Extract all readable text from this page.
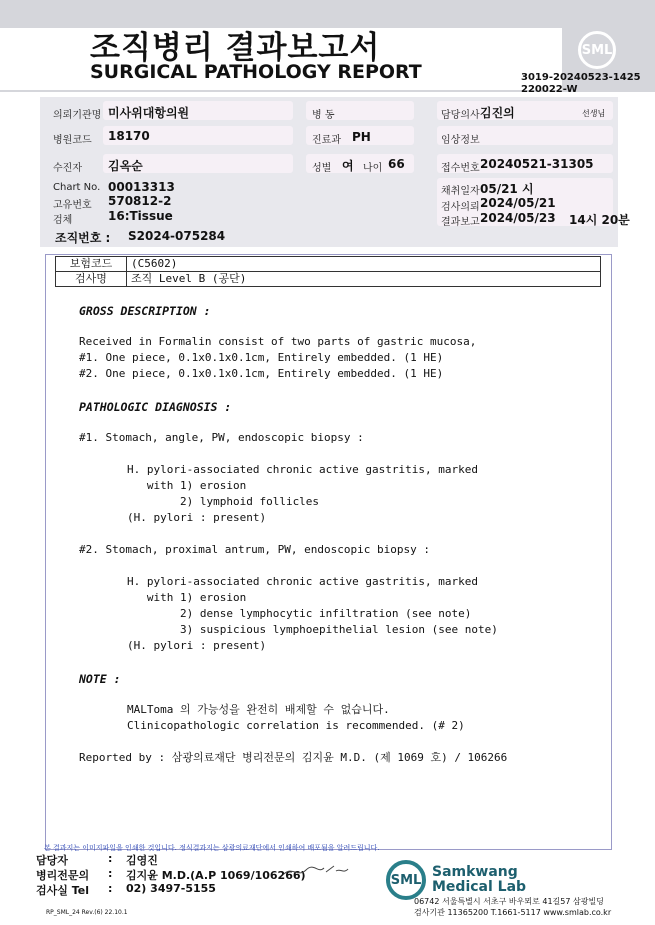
조직병리 결과보고서
SURGICAL PATHOLOGY REPORT
SML
3019-20240523-1425
220022-W
의뢰기관명 미사위대항의원
병원코드 18170
수진자 김옥순
Chart No. 00013313
고유번호 570812-2
검체	16:Tissue
조직번호 : S2024-075284
병 동
진료과 PH
성별 여 나이 66
담당의사 김진의	선생님
임상정보
접수번호 20240521-31305
채취일자 05/21 시
검사의뢰 2024/05/21
결과보고 2024/05/23 14시 20분
보험코드	(C5602)
검사명	조직 Level B (공단)
GROSS DESCRIPTION :
Received in Formalin consist of two parts of gastric mucosa,
#1. One piece, 0.1x0.1x0.1cm, Entirely embedded. (1 HE)
#2. One piece, 0.1x0.1x0.1cm, Entirely embedded. (1 HE)
PATHOLOGIC DIAGNOSIS :
#1. Stomach, angle, PW, endoscopic biopsy :
H. pylori-associated chronic active gastritis, marked
with 1) erosion
2) lymphoid follicles
(H. pylori : present)
#2. Stomach, proximal antrum, PW, endoscopic biopsy :
H. pylori-associated chronic active gastritis, marked
with 1) erosion
2) dense lymphocytic infiltration (see note)
3) suspicious lymphoepithelial lesion (see note)
(H. pylori : present)
NOTE :
MALToma 의 가능성을 완전히 배제할 수 없습니다.
Clinicopathologic correlation is recommended. (# 2)
Reported by : 삼광의료재단 병리전문의 김지윤 M.D. (제 1069 호) / 106266
본 결과지는 이미지파일을 인쇄한 것입니다. 정식결과지는 삼광의료재단에서 인쇄하여 배포됨을 알려드립니다.
담당자	: 김영진
병리전문의 : 김지윤 M.D.(A.P 1069/106266)
검사실 Tel : 02) 3497-5155
RP_SML_24 Rev.(6) 22.10.1
SML Samkwang
Medical Lab
06742 서울특별시 서초구 바우뫼로 41길57 삼광빌딩
검사기관 11365200 T.1661-5117 www.smlab.co.kr
